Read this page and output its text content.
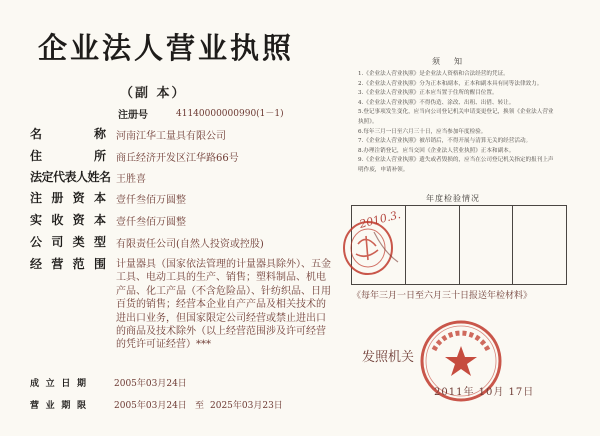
企业法人营业执照
（副 本）
注册号	41140000000990(1－1)
名　　称 河南江华工量具有限公司
住　　所 商丘经济开发区江华路66号
法定代表人姓名 王胜喜
注册资本 壹仟叁佰万圆整
实收资本 壹仟叁佰万圆整
公司类型 有限责任公司(自然人投资或控股)
经营范围 计量器具（国家依法管理的计量器具除外）、五金工具、电动工具的生产、销售；塑料制品、机电产品、化工产品（不含危险品）、针纺织品、日用百货的销售；经营本企业自产产品及相关技术的进出口业务，但国家限定公司经营或禁止进出口的商品及技术除外（以上经营范围涉及许可经营的凭许可证经营）***
成立日期	2005年03月24日
营业期限	2005年03月24日 至 2025年03月23日
须　知
1.《企业法人营业执照》是企业法人资格和合法经营的凭证。
2.《企业法人营业执照》分为正本和副本，正本和副本具有同等法律效力。
3.《企业法人营业执照》正本应当置于住所的醒目位置。
4.《企业法人营业执照》不得伪造、涂改、出租、出借、转让。
5.登记事项发生变化，应当向公司登记机关申请变更登记，换领《企业法人营业执照》。
6.每年三月一日至六月三十日，应当参加年度检验。
7.《企业法人营业执照》被吊销后，不得开展与清算无关的经营活动。
8.办理注销登记，应当交回《企业法人营业执照》正本和副本。
9.《企业法人营业执照》遗失或者毁损的，应当在公司登记机关指定的报刊上声明作废，申请补领。
年度检验情况
2010.3.
《每年三月一日至六月三十日报送年检材料》
发照机关
2011年 10月 17日
